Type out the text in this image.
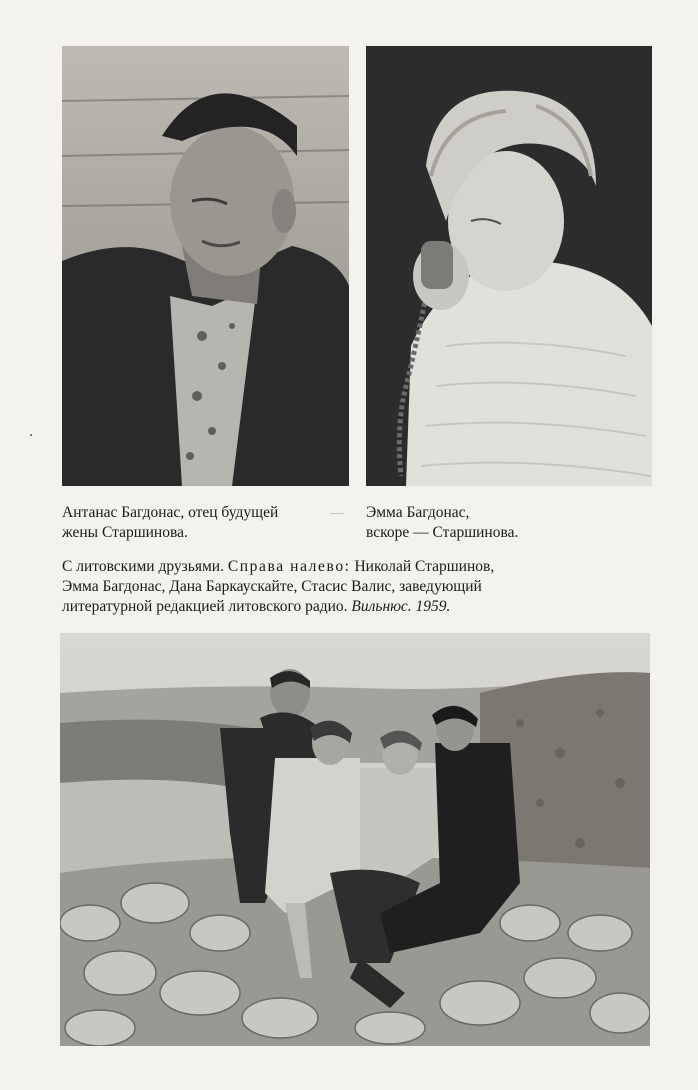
Антанас Багдонас, отец будущей
жены Старшинова.
Эмма Багдонас,
вскоре — Старшинова.
С литовскими друзьями. Справа налево: Николай Старшинов,
Эмма Багдонас, Дана Баркаускайте, Стасис Валис, заведующий
литературной редакцией литовского радио. Вильнюс. 1959.
